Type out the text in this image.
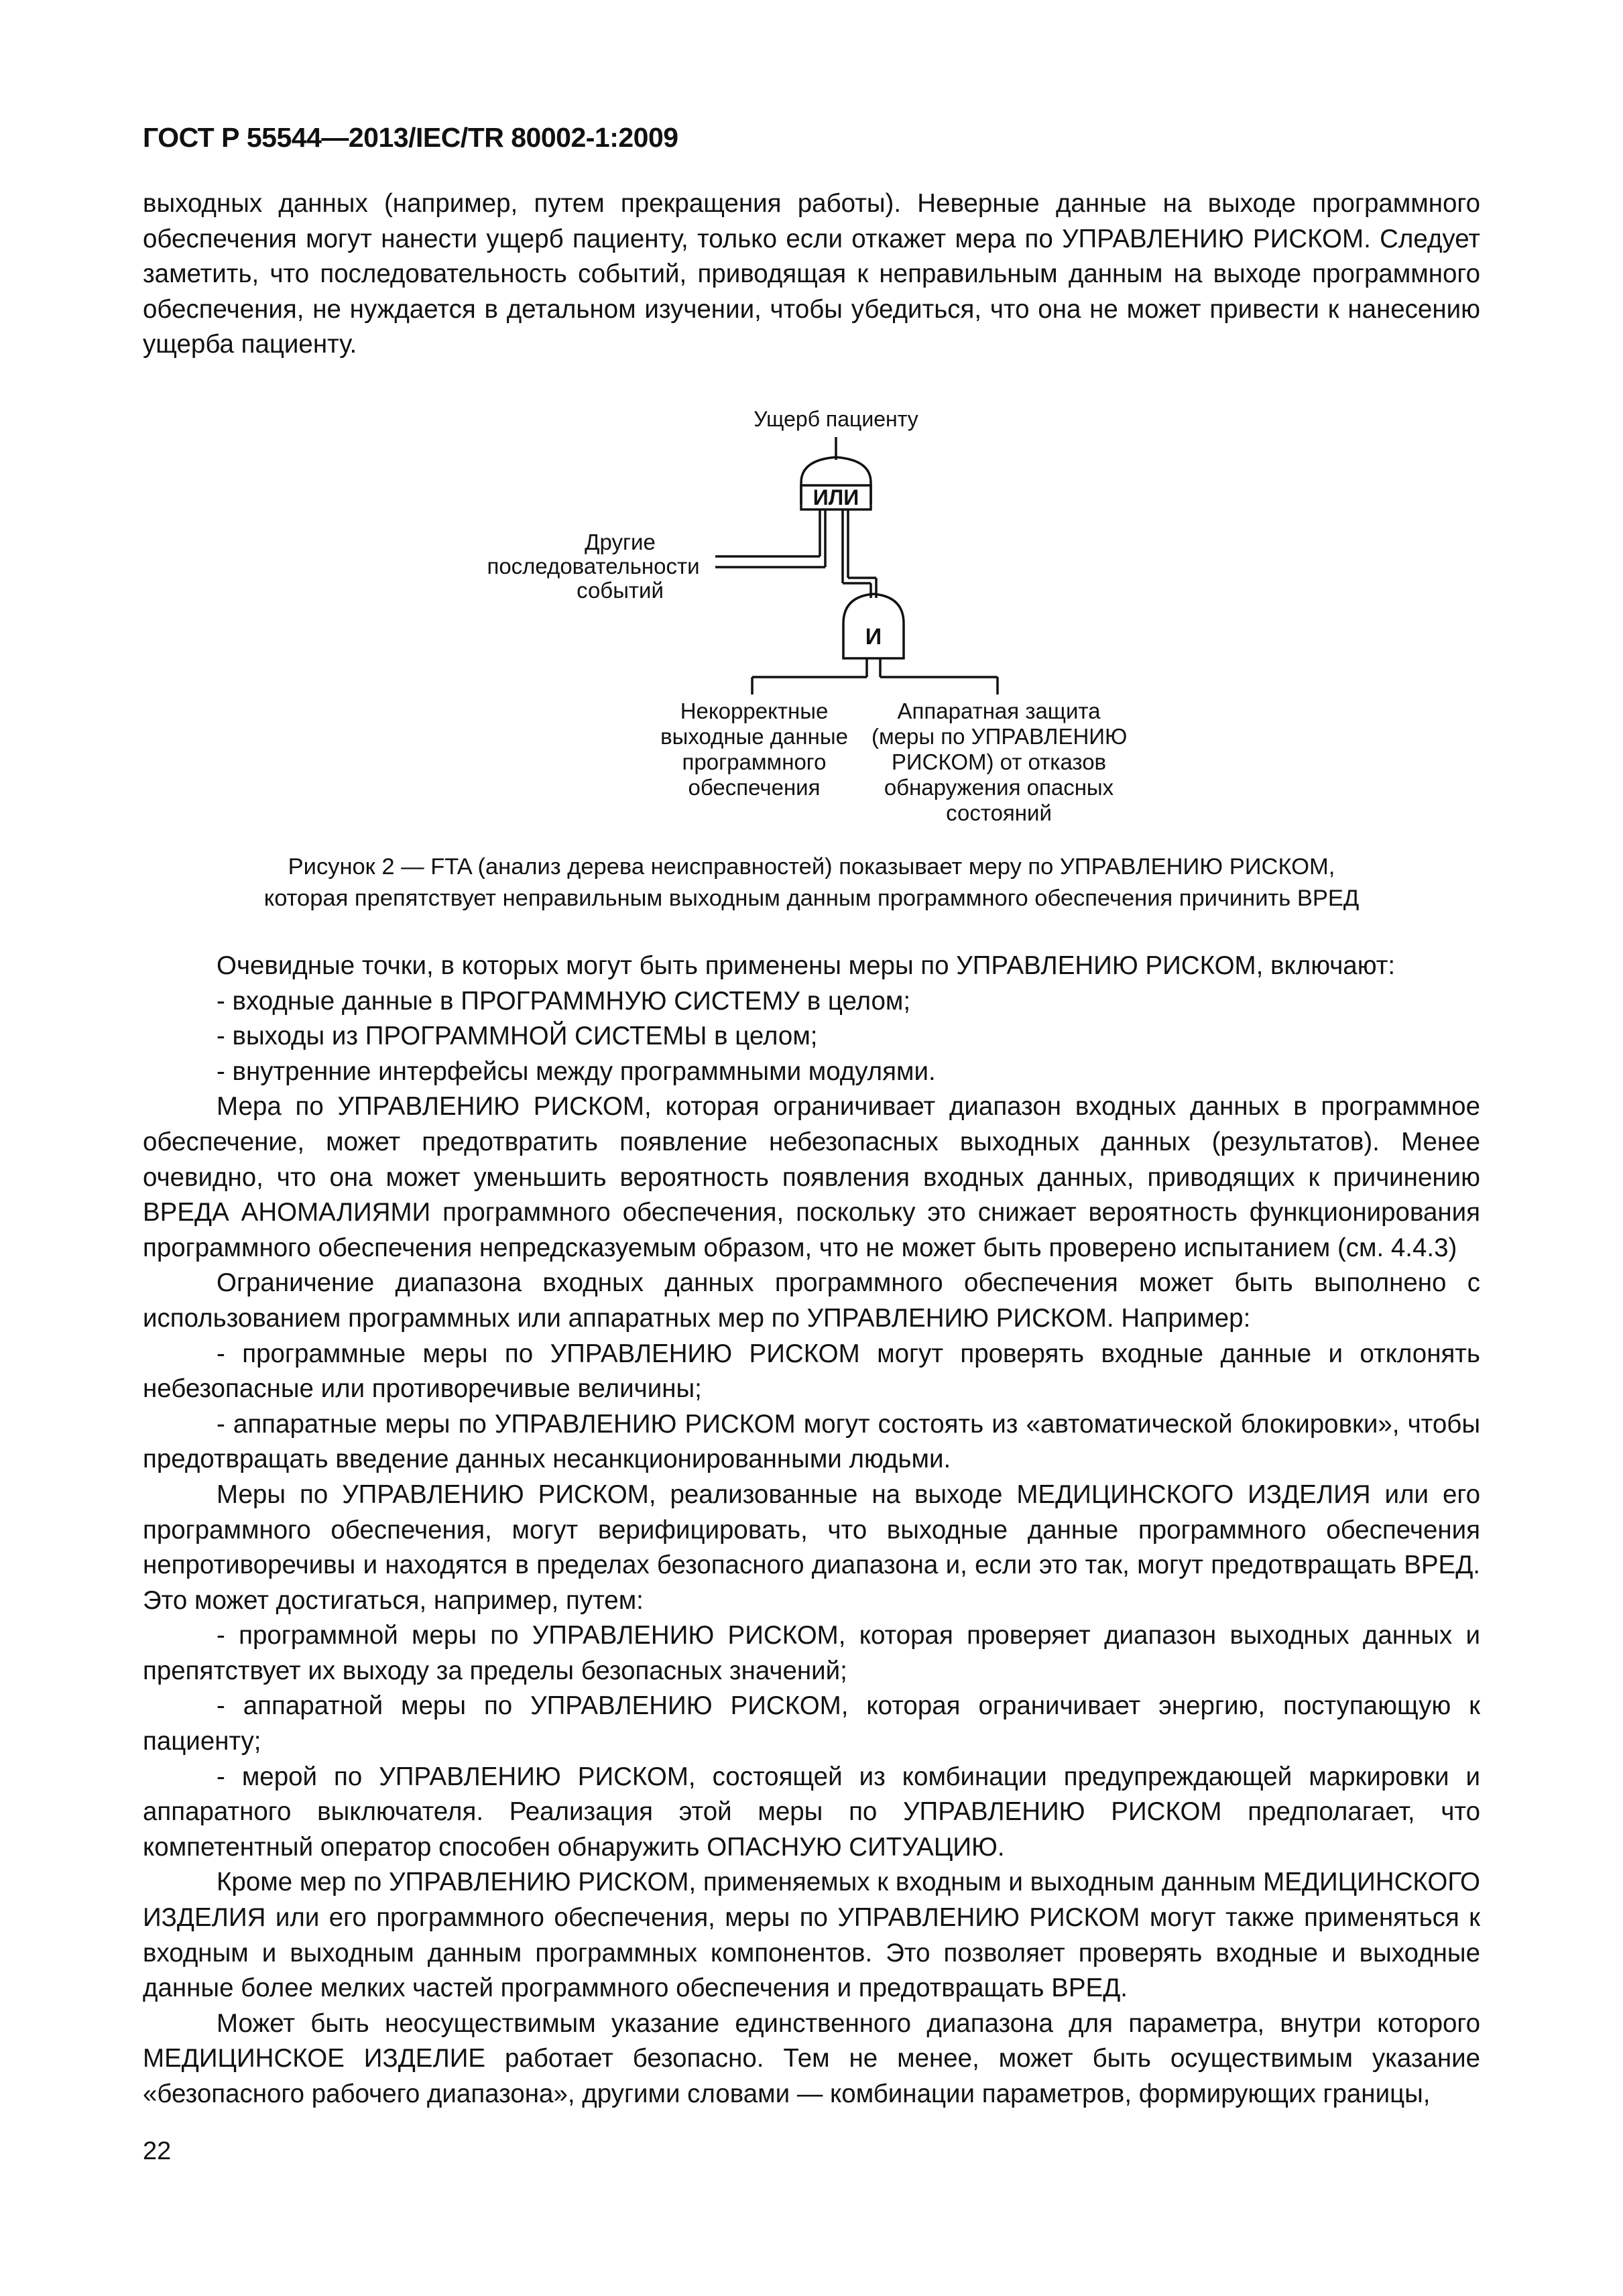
ГОСТ Р 55544—2013/IEC/TR 80002-1:2009

выходных данных (например, путем прекращения работы). Неверные данные на выходе программного обеспечения могут нанести ущерб пациенту, только если откажет мера по УПРАВЛЕНИЮ РИСКОМ. Следует заметить, что последовательность событий, приводящая к неправильным данным на выходе программного обеспечения, не нуждается в детальном изучении, чтобы убедиться, что она не может привести к нанесению ущерба пациенту.

Ущерб пациенту
ИЛИ
И
Другие
последовательности
событий
Некорректные
выходные данные
программного
обеспечения
Аппаратная защита
(меры по УПРАВЛЕНИЮ
РИСКОМ) от отказов
обнаружения опасных
состояний

Рисунок 2 — FTA (анализ дерева неисправностей) показывает меру по УПРАВЛЕНИЮ РИСКОМ,

которая препятствует неправильным выходным данным программного обеспечения причинить ВРЕД

Очевидные точки, в которых могут быть применены меры по УПРАВЛЕНИЮ РИСКОМ, включают:

- входные данные в ПРОГРАММНУЮ СИСТЕМУ в целом;

- выходы из ПРОГРАММНОЙ СИСТЕМЫ в целом;

- внутренние интерфейсы между программными модулями.

Мера по УПРАВЛЕНИЮ РИСКОМ, которая ограничивает диапазон входных данных в программное обеспечение, может предотвратить появление небезопасных выходных данных (результатов). Менее очевидно, что она может уменьшить вероятность появления входных данных, приводящих к причинению ВРЕДА АНОМАЛИЯМИ программного обеспечения, поскольку это снижает вероятность функционирования программного обеспечения непредсказуемым образом, что не может быть проверено испытанием (см. 4.4.3)

Ограничение диапазона входных данных программного обеспечения может быть выполнено с использованием программных или аппаратных мер по УПРАВЛЕНИЮ РИСКОМ. Например:

- программные меры по УПРАВЛЕНИЮ РИСКОМ могут проверять входные данные и отклонять небезопасные или противоречивые величины;

- аппаратные меры по УПРАВЛЕНИЮ РИСКОМ могут состоять из «автоматической блокировки», чтобы предотвращать введение данных несанкционированными людьми.

Меры по УПРАВЛЕНИЮ РИСКОМ, реализованные на выходе МЕДИЦИНСКОГО ИЗДЕЛИЯ или его программного обеспечения, могут верифицировать, что выходные данные программного обеспечения непротиворечивы и находятся в пределах безопасного диапазона и, если это так, могут предотвращать ВРЕД. Это может достигаться, например, путем:

- программной меры по УПРАВЛЕНИЮ РИСКОМ, которая проверяет диапазон выходных данных и препятствует их выходу за пределы безопасных значений;

- аппаратной меры по УПРАВЛЕНИЮ РИСКОМ, которая ограничивает энергию, поступающую к пациенту;

- мерой по УПРАВЛЕНИЮ РИСКОМ, состоящей из комбинации предупреждающей маркировки и аппаратного выключателя. Реализация этой меры по УПРАВЛЕНИЮ РИСКОМ предполагает, что компетентный оператор способен обнаружить ОПАСНУЮ СИТУАЦИЮ.

Кроме мер по УПРАВЛЕНИЮ РИСКОМ, применяемых к входным и выходным данным МЕДИЦИНСКОГО ИЗДЕЛИЯ или его программного обеспечения, меры по УПРАВЛЕНИЮ РИСКОМ могут также применяться к входным и выходным данным программных компонентов. Это позволяет проверять входные и выходные данные более мелких частей программного обеспечения и предотвращать ВРЕД.

Может быть неосуществимым указание единственного диапазона для параметра, внутри которого МЕДИЦИНСКОЕ ИЗДЕЛИЕ работает безопасно. Тем не менее, может быть осуществимым указание «безопасного рабочего диапазона», другими словами — комбинации параметров, формирующих границы,

22
